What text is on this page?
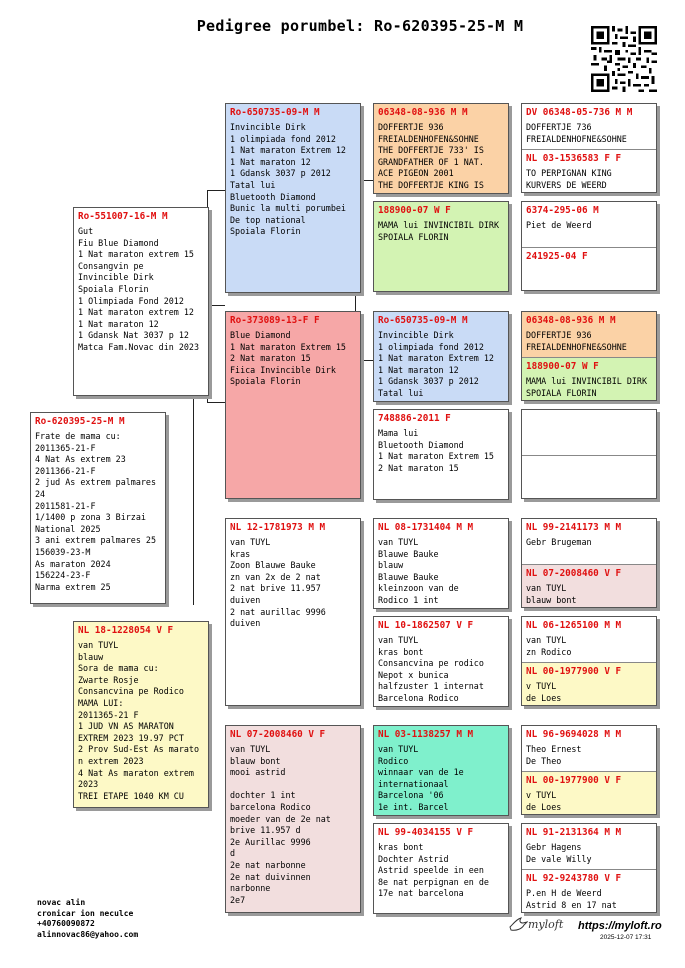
Pedigree porumbel: Ro-620395-25-M M
Ro-620395-25-M M
Frate de mama cu:
2011365-21-F
4 Nat As extrem 23
2011366-21-F
2 jud As extrem palmares 24
2011581-21-F
1/1400 p zona 3 Birzai National 2025
3 ani extrem palmares 25
156039-23-M
As maraton 2024
156224-23-F
Narma extrem 25
Ro-551007-16-M M
Gut
Fiu Blue Diamond
1 Nat maraton extrem 15
Consangvin pe
Invincible Dirk
Spoiala Florin
1 Olimpiada Fond 2012
1 Nat maraton extrem 12
1 Nat maraton 12
1 Gdansk Nat 3037 p 12
Matca Fam.Novac din 2023
NL 18-1228054 V F
van TUYL
blauw
Sora de mama cu:
Zwarte Rosje
Consancvina pe Rodico
MAMA LUI:
2011365-21 F
1 JUD VN AS MARATON EXTREM 2023 19.97 PCT
2 Prov Sud-Est As marato n extrem 2023
4 Nat As maraton extrem 2023
TREI ETAPE 1040 KM CU
Ro-650735-09-M M
Invincible Dirk
1 olimpiada fond 2012
1 Nat maraton Extrem 12
1 Nat maraton 12
1 Gdansk 3037 p 2012
Tatal lui
Bluetooth Diamond
Bunic la multi porumbei
De top national
Spoiala Florin
Ro-373089-13-F F
Blue Diamond
1 Nat maraton Extrem 15
2 Nat maraton 15
Fiica Invincible Dirk
Spoiala Florin
NL 12-1781973 M M
van TUYL
kras
Zoon Blauwe Bauke
zn van 2x de 2 nat
2 nat brive 11.957 duiven
2 nat aurillac 9996 duiven
NL 07-2008460 V F
van TUYL
blauw bont
mooi astrid

dochter 1 int
barcelona Rodico
moeder van de 2e nat
brive 11.957 d
2e Aurillac 9996
d
2e nat narbonne
2e nat duivinnen
narbonne
2e7
06348-08-936 M M
DOFFERTJE 936
FREIALDENHOFEN&SOHNE
THE DOFFERTJE 733' IS
GRANDFATHER OF 1 NAT.
ACE PIGEON 2001
THE DOFFERTJE KING IS
188900-07 W F
MAMA lui INVINCIBIL DIRK
SPOIALA FLORIN
Ro-650735-09-M M
Invincible Dirk
1 olimpiada fond 2012
1 Nat maraton Extrem 12
1 Nat maraton 12
1 Gdansk 3037 p 2012
Tatal lui
748886-2011 F
Mama lui
Bluetooth Diamond
1 Nat maraton Extrem 15
2 Nat maraton 15
NL 08-1731404 M M
van TUYL
Blauwe Bauke
blauw
Blauwe Bauke
kleinzoon van de
Rodico 1 int
NL 10-1862507 V F
van TUYL
kras bont
Consancvina pe rodico
Nepot x bunica
halfzuster 1 internat
Barcelona Rodico
NL 03-1138257 M M
van TUYL
Rodico
winnaar van de 1e
internationaal
Barcelona '06
1e int. Barcel
NL 99-4034155 V F
kras bont
Dochter Astrid
Astrid speelde in een
8e nat perpignan en de
17e nat barcelona
DV 06348-05-736 M M
DOFFERTJE 736
FREIALDENHOFNE&SOHNE
NL 03-1536583 F F
TO PERPIGNAN KING
KURVERS DE WEERD
6374-295-06 M
Piet de Weerd
241925-04 F
06348-08-936 M M
DOFFERTJE 936
FREIALDENHOFNE&SOHNE
188900-07 W F
MAMA lui INVINCIBIL DIRK
SPOIALA FLORIN
NL 99-2141173 M M
Gebr Brugeman
NL 07-2008460 V F
van TUYL
blauw bont
NL 06-1265100 M M
van TUYL
zn Rodico
NL 00-1977900 V F
v TUYL
de Loes
NL 96-9694028 M M
Theo Ernest
De Theo
NL 00-1977900 V F
v TUYL
de Loes
NL 91-2131364 M M
Gebr Hagens
De vale Willy
NL 92-9243780 V F
P.en H de Weerd
Astrid 8 en 17 nat
novac alin
cronicar ion neculce
+40760090872
alinnovac86@yahoo.com
myloft https://myloft.ro
2025-12-07 17:31
